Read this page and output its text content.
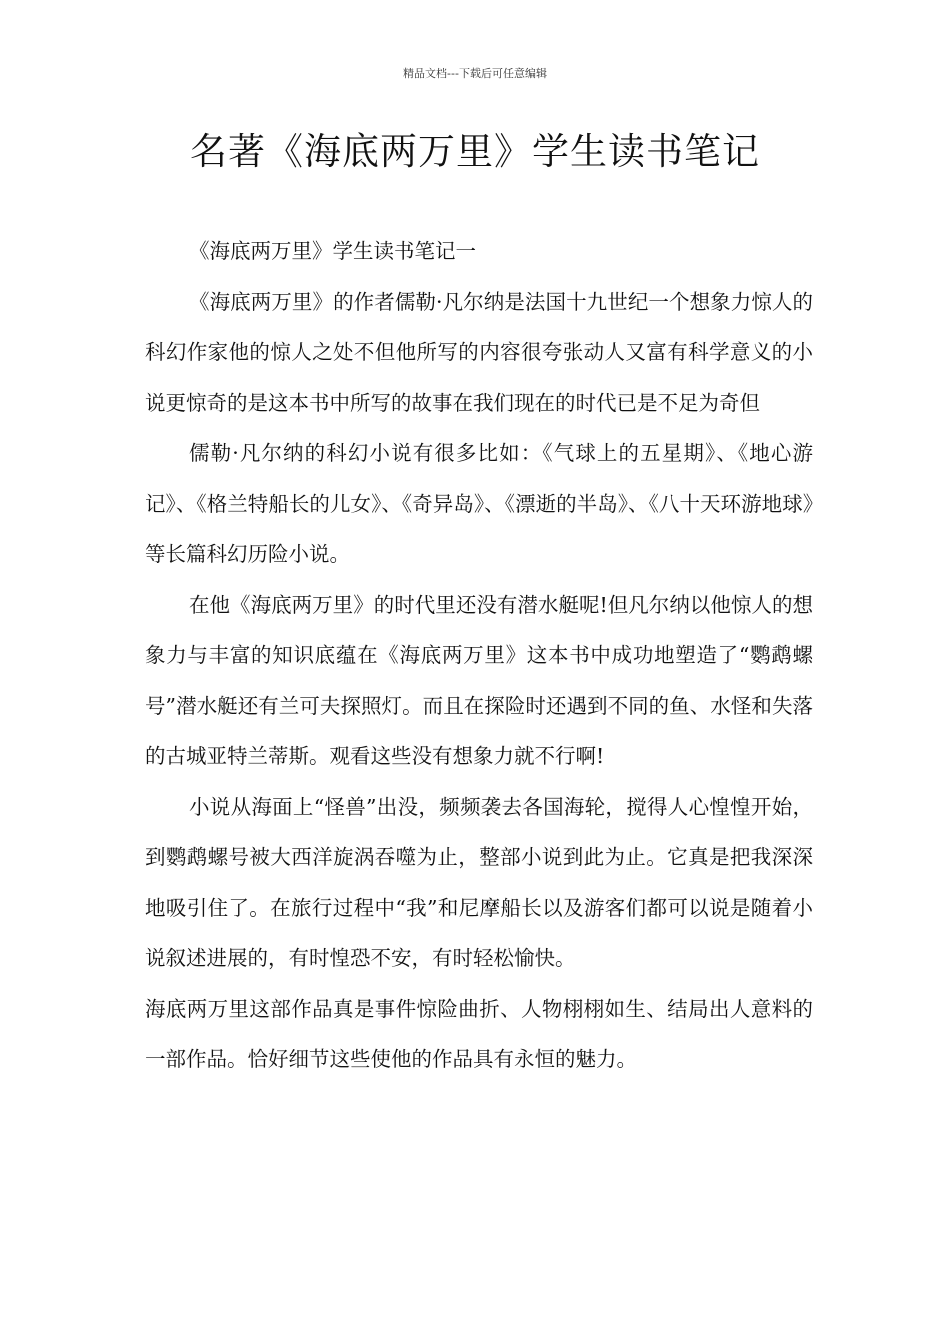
精品文档---下载后可任意编辑
名著《海底两万里》学生读书笔记

《海底两万里》学生读书笔记一

《海底两万里》的作者儒勒·凡尔纳是法国十九世纪一个想象力惊人的科幻作家他的惊人之处不但他所写的内容很夸张动人又富有科学意义的小说更惊奇的是这本书中所写的故事在我们现在的时代已是不足为奇但

儒勒·凡尔纳的科幻小说有很多比如：《气球上的五星期》、《地心游记》、《格兰特船长的儿女》、《奇异岛》、《漂逝的半岛》、《八十天环游地球》等长篇科幻历险小说。

在他《海底两万里》的时代里还没有潜水艇呢!但凡尔纳以他惊人的想象力与丰富的知识底蕴在《海底两万里》这本书中成功地塑造了“鹦鹉螺号”潜水艇还有兰可夫探照灯。而且在探险时还遇到不同的鱼、水怪和失落的古城亚特兰蒂斯。观看这些没有想象力就不行啊!

小说从海面上“怪兽”出没，频频袭去各国海轮，搅得人心惶惶开始，到鹦鹉螺号被大西洋旋涡吞噬为止，整部小说到此为止。它真是把我深深地吸引住了。在旅行过程中“我”和尼摩船长以及游客们都可以说是随着小说叙述进展的，有时惶恐不安，有时轻松愉快。

海底两万里这部作品真是事件惊险曲折、人物栩栩如生、结局出人意料的一部作品。恰好细节这些使他的作品具有永恒的魅力。
